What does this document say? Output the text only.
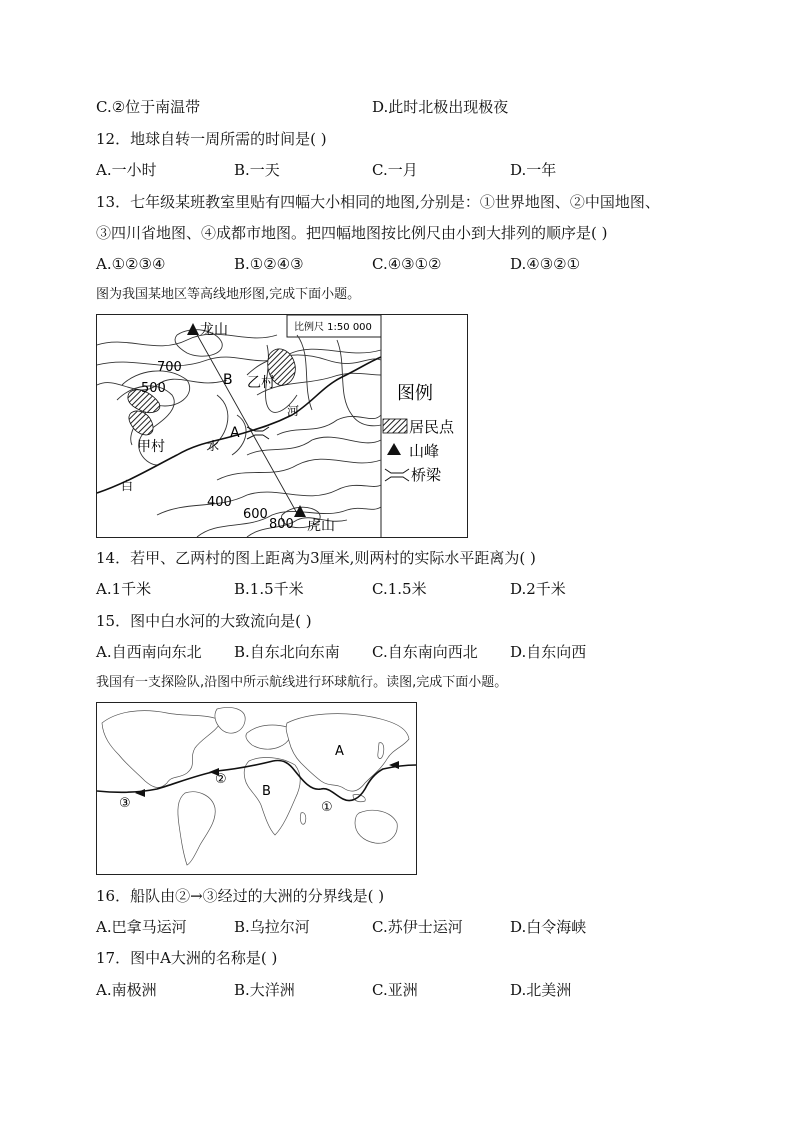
C.②位于南温带	D.此时北极出现极夜
12．地球自转一周所需的时间是( )
A.一小时	B.一天	C.一月	D.一年
13．七年级某班教室里贴有四幅大小相同的地图,分别是：①世界地图、②中国地图、
③四川省地图、④成都市地图。把四幅地图按比例尺由小到大排列的顺序是( )
A.①②③④	B.①②④③	C.④③①②	D.④③②①
图为我国某地区等高线地形图,完成下面小题。
比例尺 1:50 000
龙山
虎山
甲村
乙村
A
B
白
水
河
700
500
400
600
800
图例
居民点
山峰
桥梁
14．若甲、乙两村的图上距离为3厘米,则两村的实际水平距离为( )
A.1千米	B.1.5千米	C.1.5米	D.2千米
15．图中白水河的大致流向是( )
A.自西南向东北 B.自东北向东南 C.自东南向西北 D.自东向西
我国有一支探险队,沿图中所示航线进行环球航行。读图,完成下面小题。
A
B
①
②
③
16．船队由②→③经过的大洲的分界线是( )
A.巴拿马运河	B.乌拉尔河	C.苏伊士运河	D.白令海峡
17．图中A大洲的名称是( )
A.南极洲	B.大洋洲	C.亚洲	D.北美洲
